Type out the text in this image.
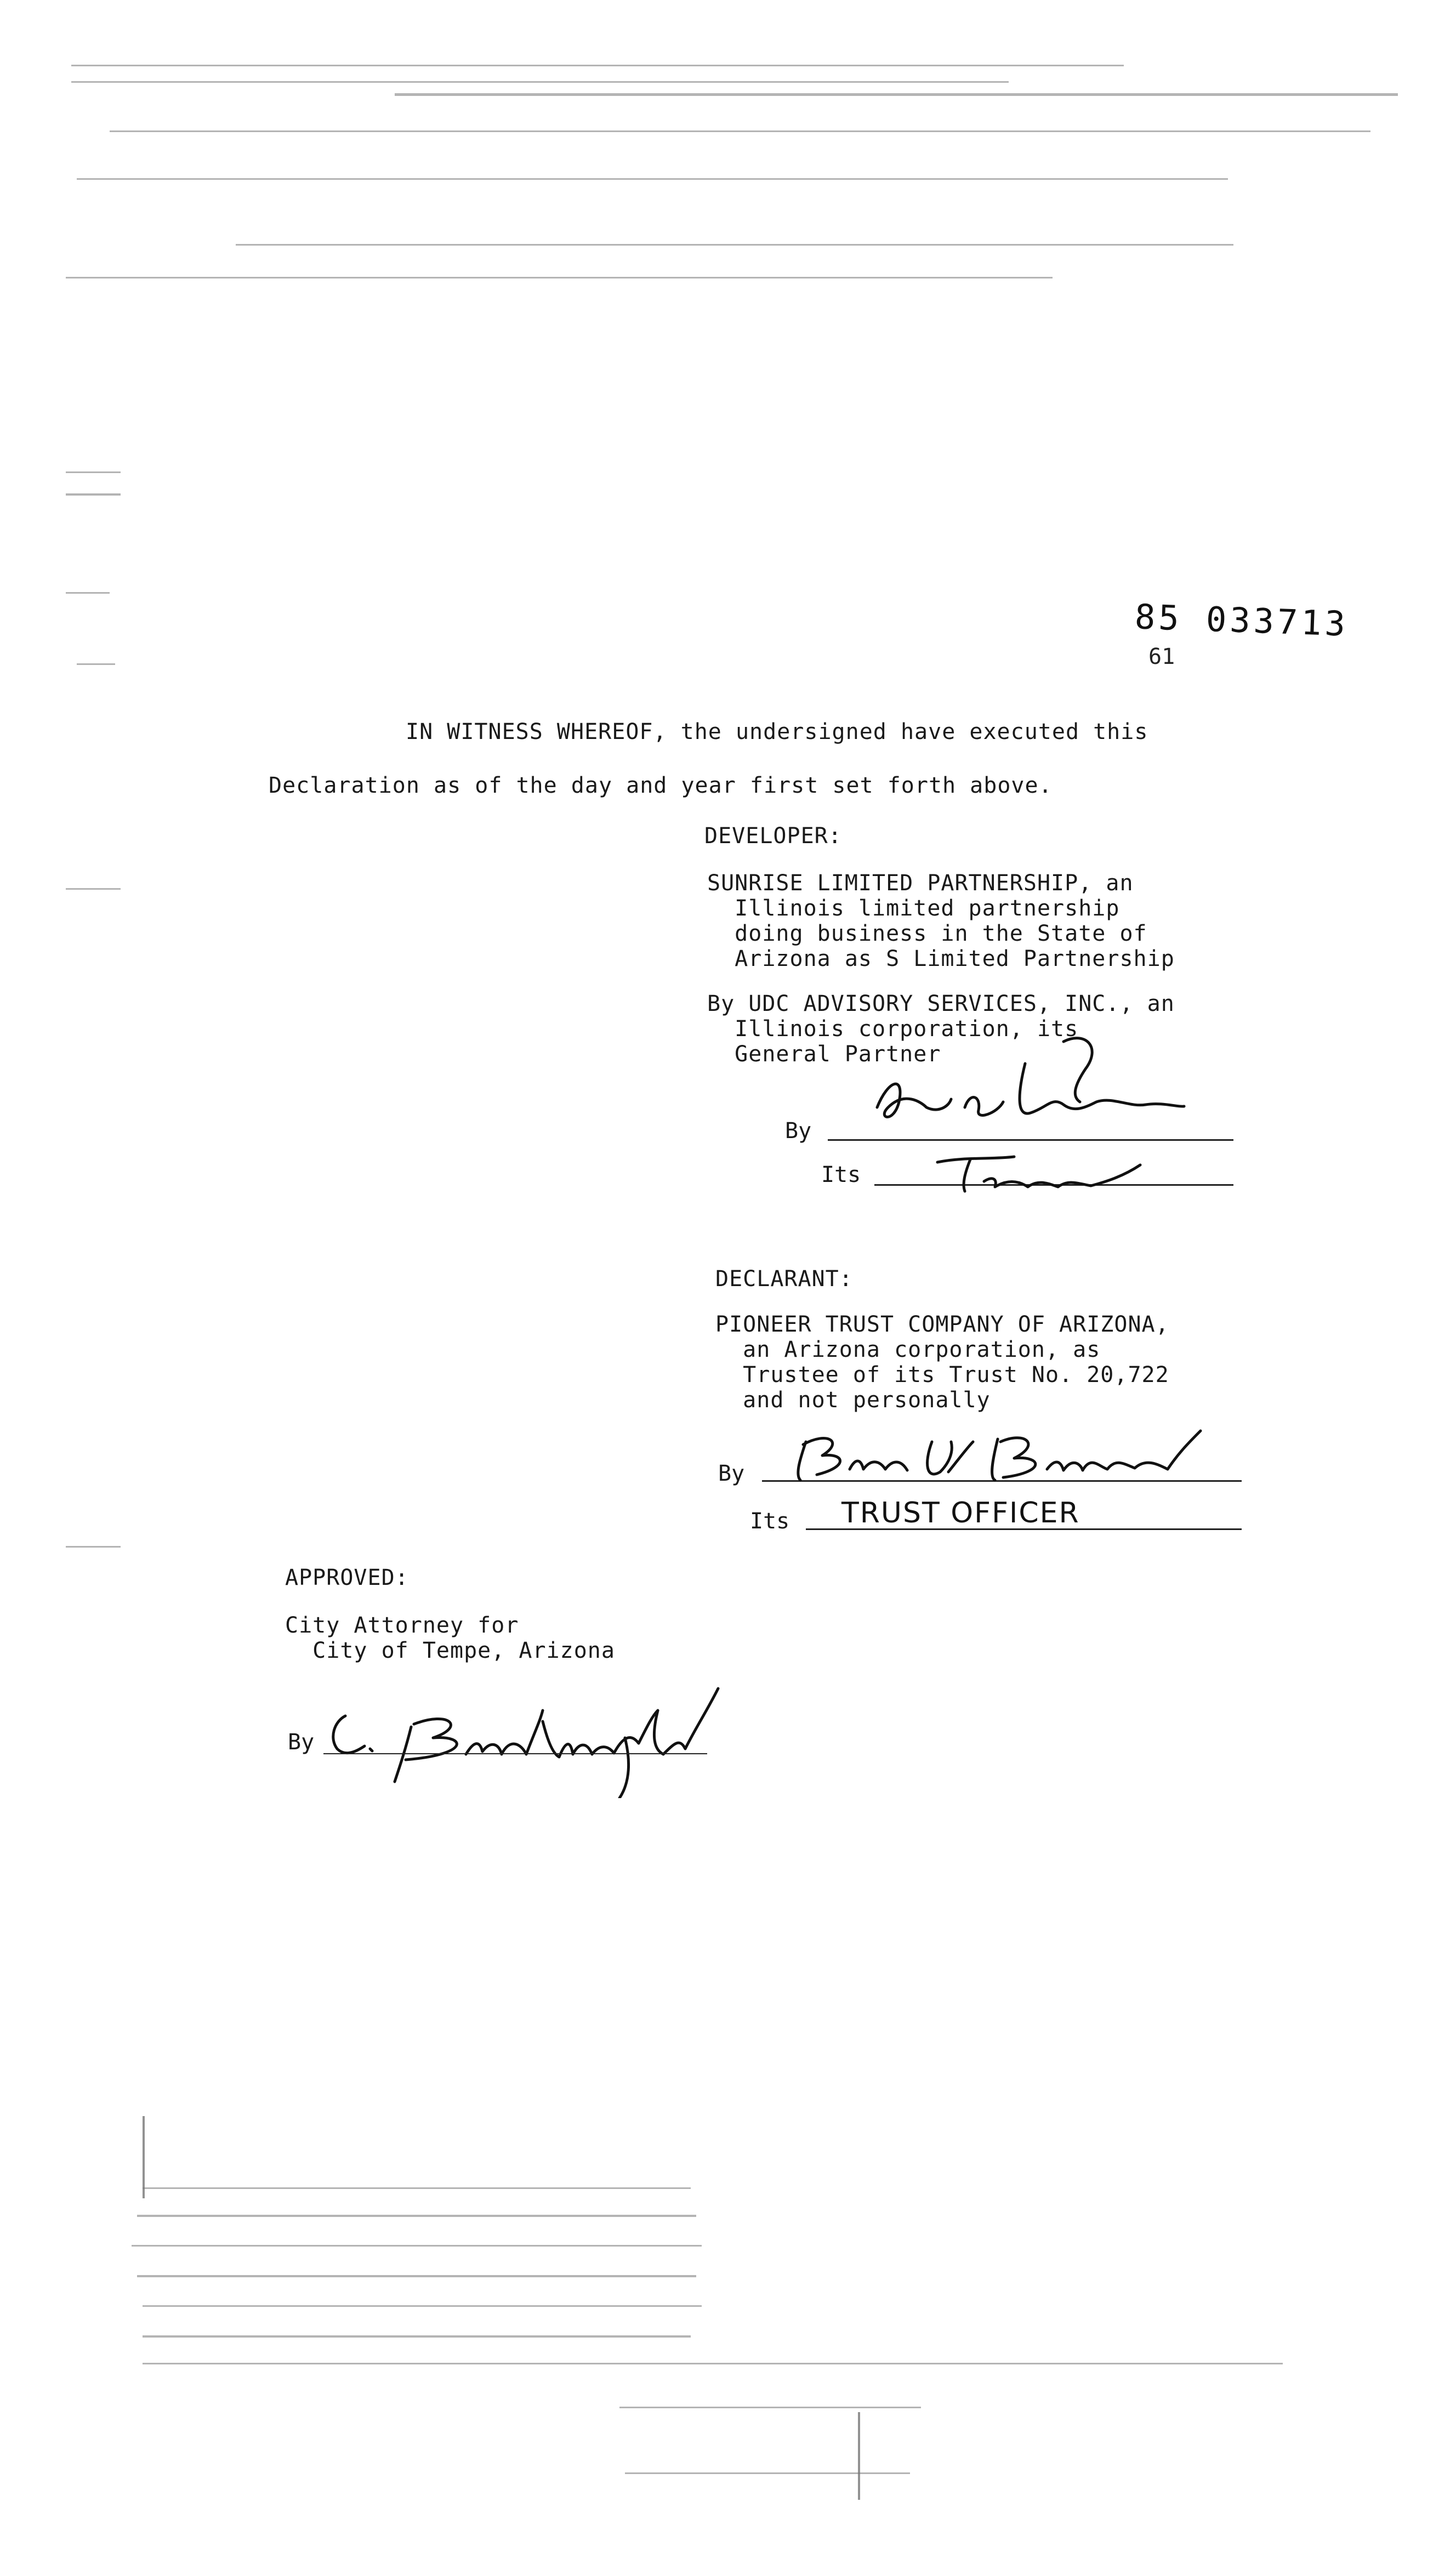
85 033713
61
IN WITNESS WHEREOF, the undersigned have executed this
Declaration as of the day and year first set forth above.
DEVELOPER:
SUNRISE LIMITED PARTNERSHIP, an
Illinois limited partnership
doing business in the State of
Arizona as S Limited Partnership
By UDC ADVISORY SERVICES, INC., an
Illinois corporation, its
General Partner
By
Its
DECLARANT:
PIONEER TRUST COMPANY OF ARIZONA,
an Arizona corporation, as
Trustee of its Trust No. 20,722
and not personally
By
Its TRUST OFFICER
APPROVED:
City Attorney for
City of Tempe, Arizona
By
